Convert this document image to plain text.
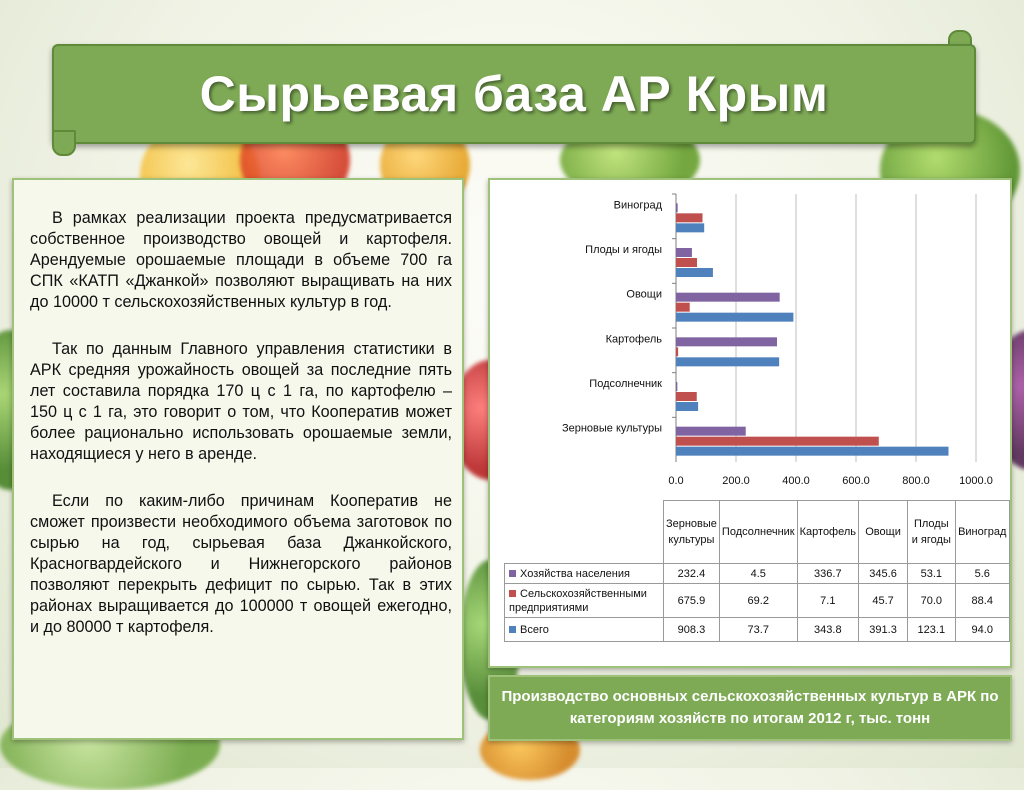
Сырьевая база АР Крым

В рамках реализации проекта предусматривается собственное производство овощей и картофеля. Арендуемые орошаемые площади в объеме 700 га СПК «КАТП «Джанкой» позволяют выращивать на них до 10000 т сельскохозяйственных культур в год.

Так по данным Главного управления статистики в АРК средняя урожайность овощей за последние пять лет составила порядка 170 ц с 1 га, по картофелю – 150 ц с 1 га, это говорит о том, что Кооператив может более рационально использовать орошаемые земли, находящиеся у него в аренде.

Если по каким-либо причинам Кооператив не сможет произвести необходимого объема заготовок по сырью на год, сырьевая база Джанкойского, Красногвардейского и Нижнегорского районов позволяют перекрыть дефицит по сырью. Так в этих районах выращивается до 100000 т овощей ежегодно, и до 80000 т картофеля.

0.0	200.0	400.0	600.0	800.0	1000.0
Зерновые культуры
Подсолнечник
Картофель
Овощи
Плоды и ягоды
Виноград
	Зерновые культуры	Подсолнечник	Картофель	Овощи	Плоды и ягоды	Виноград
Хозяйства населения	232.4	4.5	336.7	345.6	53.1	5.6
Сельскохозяйственными предприятиями	675.9	69.2	7.1	45.7	70.0	88.4
Всего	908.3	73.7	343.8	391.3	123.1	94.0
Производство основных сельскохозяйственных культур в АРК по категориям хозяйств по итогам 2012 г, тыс. тонн
